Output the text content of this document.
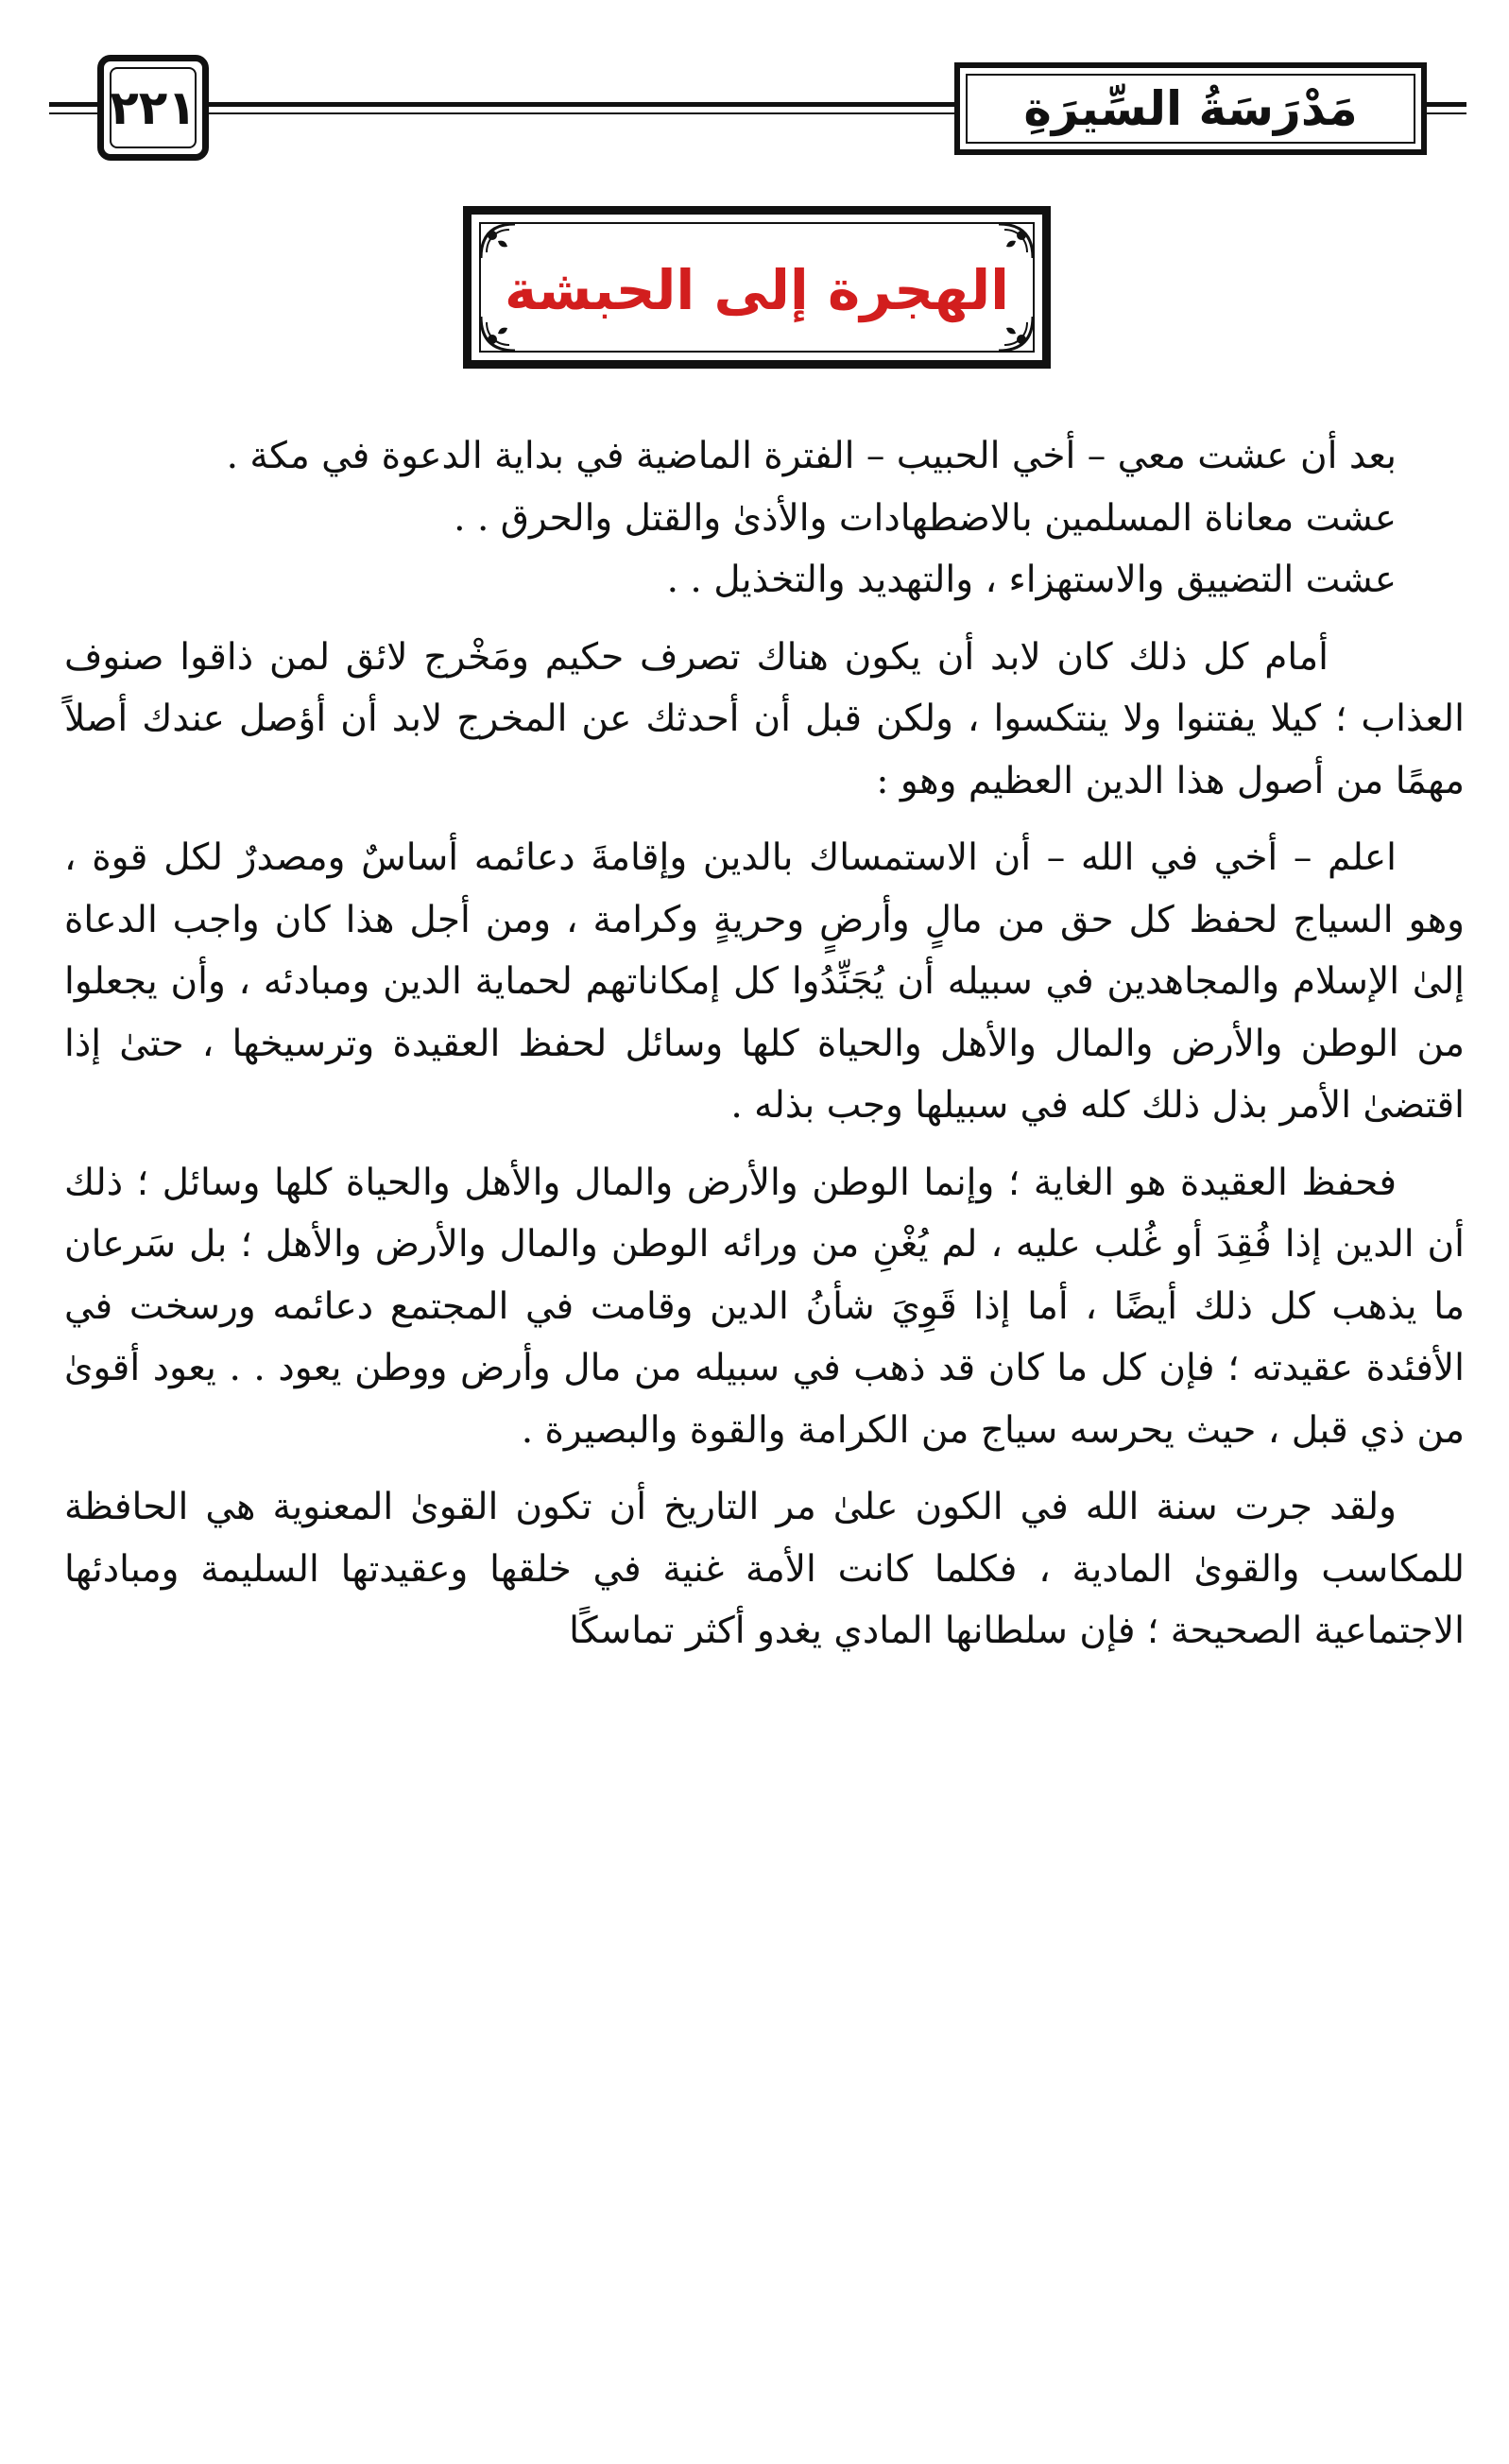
٢٢١	مَدْرَسَةُ السِّيرَةِ
الهجرة إلى الحبشة

بعد أن عشت معي – أخي الحبيب – الفترة الماضية في بداية الدعوة في مكة .
عشت معاناة المسلمين بالاضطهادات والأذىٰ والقتل والحرق . .
عشت التضييق والاستهزاء ، والتهديد والتخذيل . .

أمام كل ذلك كان لابد أن يكون هناك تصرف حكيم ومَخْرج لائق لمن ذاقوا صنوف العذاب ؛ كيلا يفتنوا ولا ينتكسوا ، ولكن قبل أن أحدثك عن المخرج لابد أن أؤصل عندك أصلاً مهمًا من أصول هذا الدين العظيم وهو :

اعلم – أخي في الله – أن الاستمساك بالدين وإقامةَ دعائمه أساسٌ ومصدرٌ لكل قوة ، وهو السياج لحفظ كل حق من مالٍ وأرضٍ وحريةٍ وكرامة ، ومن أجل هذا كان واجب الدعاة إلىٰ الإسلام والمجاهدين في سبيله أن يُجَنِّدُوا كل إمكاناتهم لحماية الدين ومبادئه ، وأن يجعلوا من الوطن والأرض والمال والأهل والحياة كلها وسائل لحفظ العقيدة وترسيخها ، حتىٰ إذا اقتضىٰ الأمر بذل ذلك كله في سبيلها وجب بذله .

فحفظ العقيدة هو الغاية ؛ وإنما الوطن والأرض والمال والأهل والحياة كلها وسائل ؛ ذلك أن الدين إذا فُقِدَ أو غُلب عليه ، لم يُغْنِ من ورائه الوطن والمال والأرض والأهل ؛ بل سَرعان ما يذهب كل ذلك أيضًا ، أما إذا قَوِيَ شأنُ الدين وقامت في المجتمع دعائمه ورسخت في الأفئدة عقيدته ؛ فإن كل ما كان قد ذهب في سبيله من مال وأرض ووطن يعود . . يعود أقوىٰ من ذي قبل ، حيث يحرسه سياج من الكرامة والقوة والبصيرة .

ولقد جرت سنة الله في الكون علىٰ مر التاريخ أن تكون القوىٰ المعنوية هي الحافظة للمكاسب والقوىٰ المادية ، فكلما كانت الأمة غنية في خلقها وعقيدتها السليمة ومبادئها الاجتماعية الصحيحة ؛ فإن سلطانها المادي يغدو أكثر تماسكًا
